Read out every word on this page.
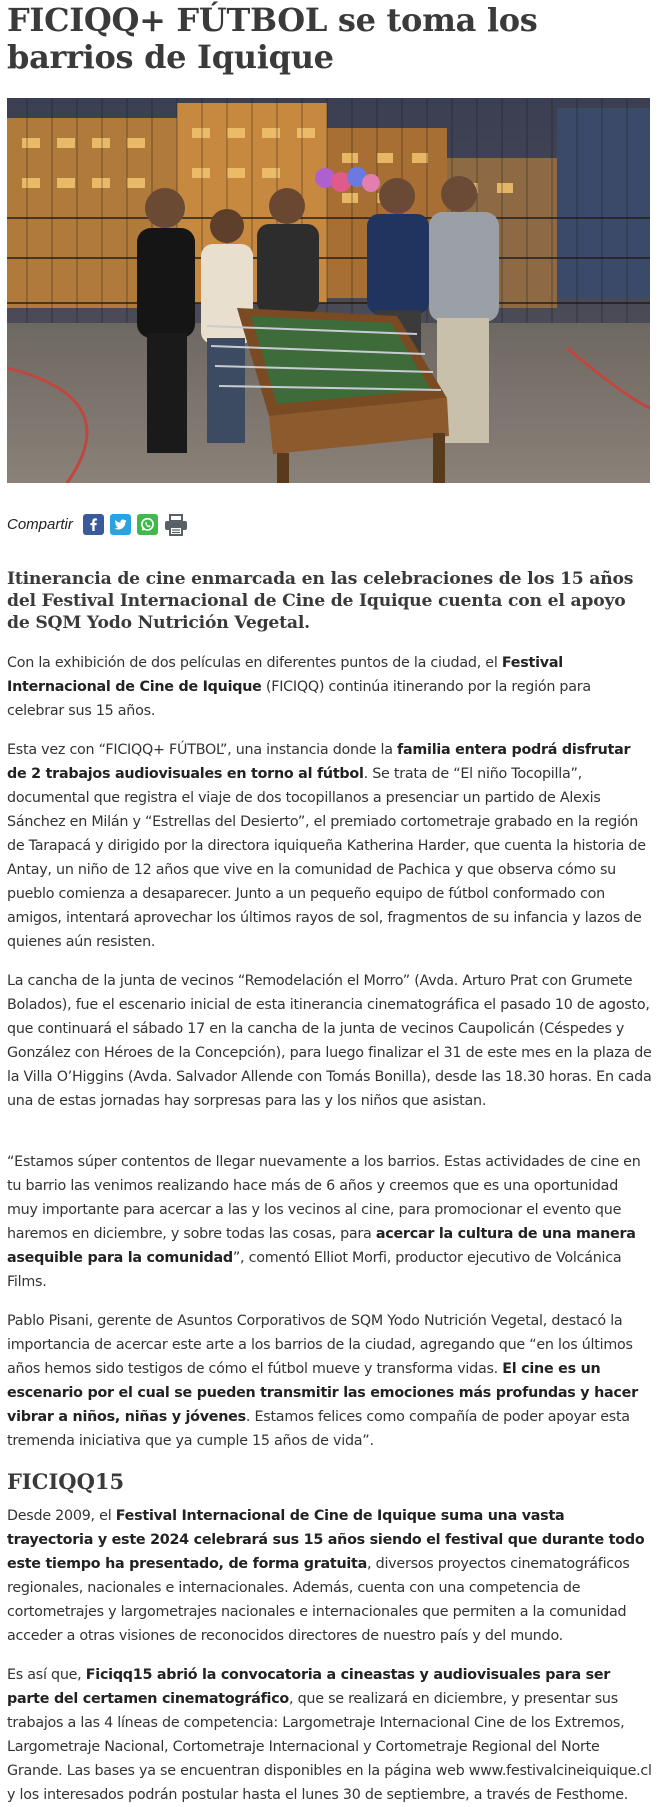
FICIQQ+ FÚTBOL se toma los barrios de Iquique
Compartir
Itinerancia de cine enmarcada en las celebraciones de los 15 años del Festival Internacional de Cine de Iquique cuenta con el apoyo de SQM Yodo Nutrición Vegetal.

Con la exhibición de dos películas en diferentes puntos de la ciudad, el Festival Internacional de Cine de Iquique (FICIQQ) continúa itinerando por la región para celebrar sus 15 años.

Esta vez con “FICIQQ+ FÚTBOL”, una instancia donde la familia entera podrá disfrutar de 2 trabajos audiovisuales en torno al fútbol. Se trata de “El niño Tocopilla”, documental que registra el viaje de dos tocopillanos a presenciar un partido de Alexis Sánchez en Milán y “Estrellas del Desierto”, el premiado cortometraje grabado en la región de Tarapacá y dirigido por la directora iquiqueña Katherina Harder, que cuenta la historia de Antay, un niño de 12 años que vive en la comunidad de Pachica y que observa cómo su pueblo comienza a desaparecer. Junto a un pequeño equipo de fútbol conformado con amigos, intentará aprovechar los últimos rayos de sol, fragmentos de su infancia y lazos de quienes aún resisten.

La cancha de la junta de vecinos “Remodelación el Morro” (Avda. Arturo Prat con Grumete Bolados), fue el escenario inicial de esta itinerancia cinematográfica el pasado 10 de agosto, que continuará el sábado 17 en la cancha de la junta de vecinos Caupolicán (Céspedes y González con Héroes de la Concepción), para luego finalizar el 31 de este mes en la plaza de la Villa O’Higgins (Avda. Salvador Allende con Tomás Bonilla), desde las 18.30 horas. En cada una de estas jornadas hay sorpresas para las y los niños que asistan.

“Estamos súper contentos de llegar nuevamente a los barrios. Estas actividades de cine en tu barrio las venimos realizando hace más de 6 años y creemos que es una oportunidad muy importante para acercar a las y los vecinos al cine, para promocionar el evento que haremos en diciembre, y sobre todas las cosas, para acercar la cultura de una manera asequible para la comunidad”, comentó Elliot Morfi, productor ejecutivo de Volcánica Films.

Pablo Pisani, gerente de Asuntos Corporativos de SQM Yodo Nutrición Vegetal, destacó la importancia de acercar este arte a los barrios de la ciudad, agregando que “en los últimos años hemos sido testigos de cómo el fútbol mueve y transforma vidas. El cine es un escenario por el cual se pueden transmitir las emociones más profundas y hacer vibrar a niños, niñas y jóvenes. Estamos felices como compañía de poder apoyar esta tremenda iniciativa que ya cumple 15 años de vida”.

FICIQQ15

Desde 2009, el Festival Internacional de Cine de Iquique suma una vasta trayectoria y este 2024 celebrará sus 15 años siendo el festival que durante todo este tiempo ha presentado, de forma gratuita, diversos proyectos cinematográficos regionales, nacionales e internacionales. Además, cuenta con una competencia de cortometrajes y largometrajes nacionales e internacionales que permiten a la comunidad acceder a otras visiones de reconocidos directores de nuestro país y del mundo.

Es así que, Ficiqq15 abrió la convocatoria a cineastas y audiovisuales para ser parte del certamen cinematográfico, que se realizará en diciembre, y presentar sus trabajos a las 4 líneas de competencia: Largometraje Internacional Cine de los Extremos, Largometraje Nacional, Cortometraje Internacional y Cortometraje Regional del Norte Grande. Las bases ya se encuentran disponibles en la página web www.festivalcineiquique.cl y los interesados podrán postular hasta el lunes 30 de septiembre, a través de Festhome.
